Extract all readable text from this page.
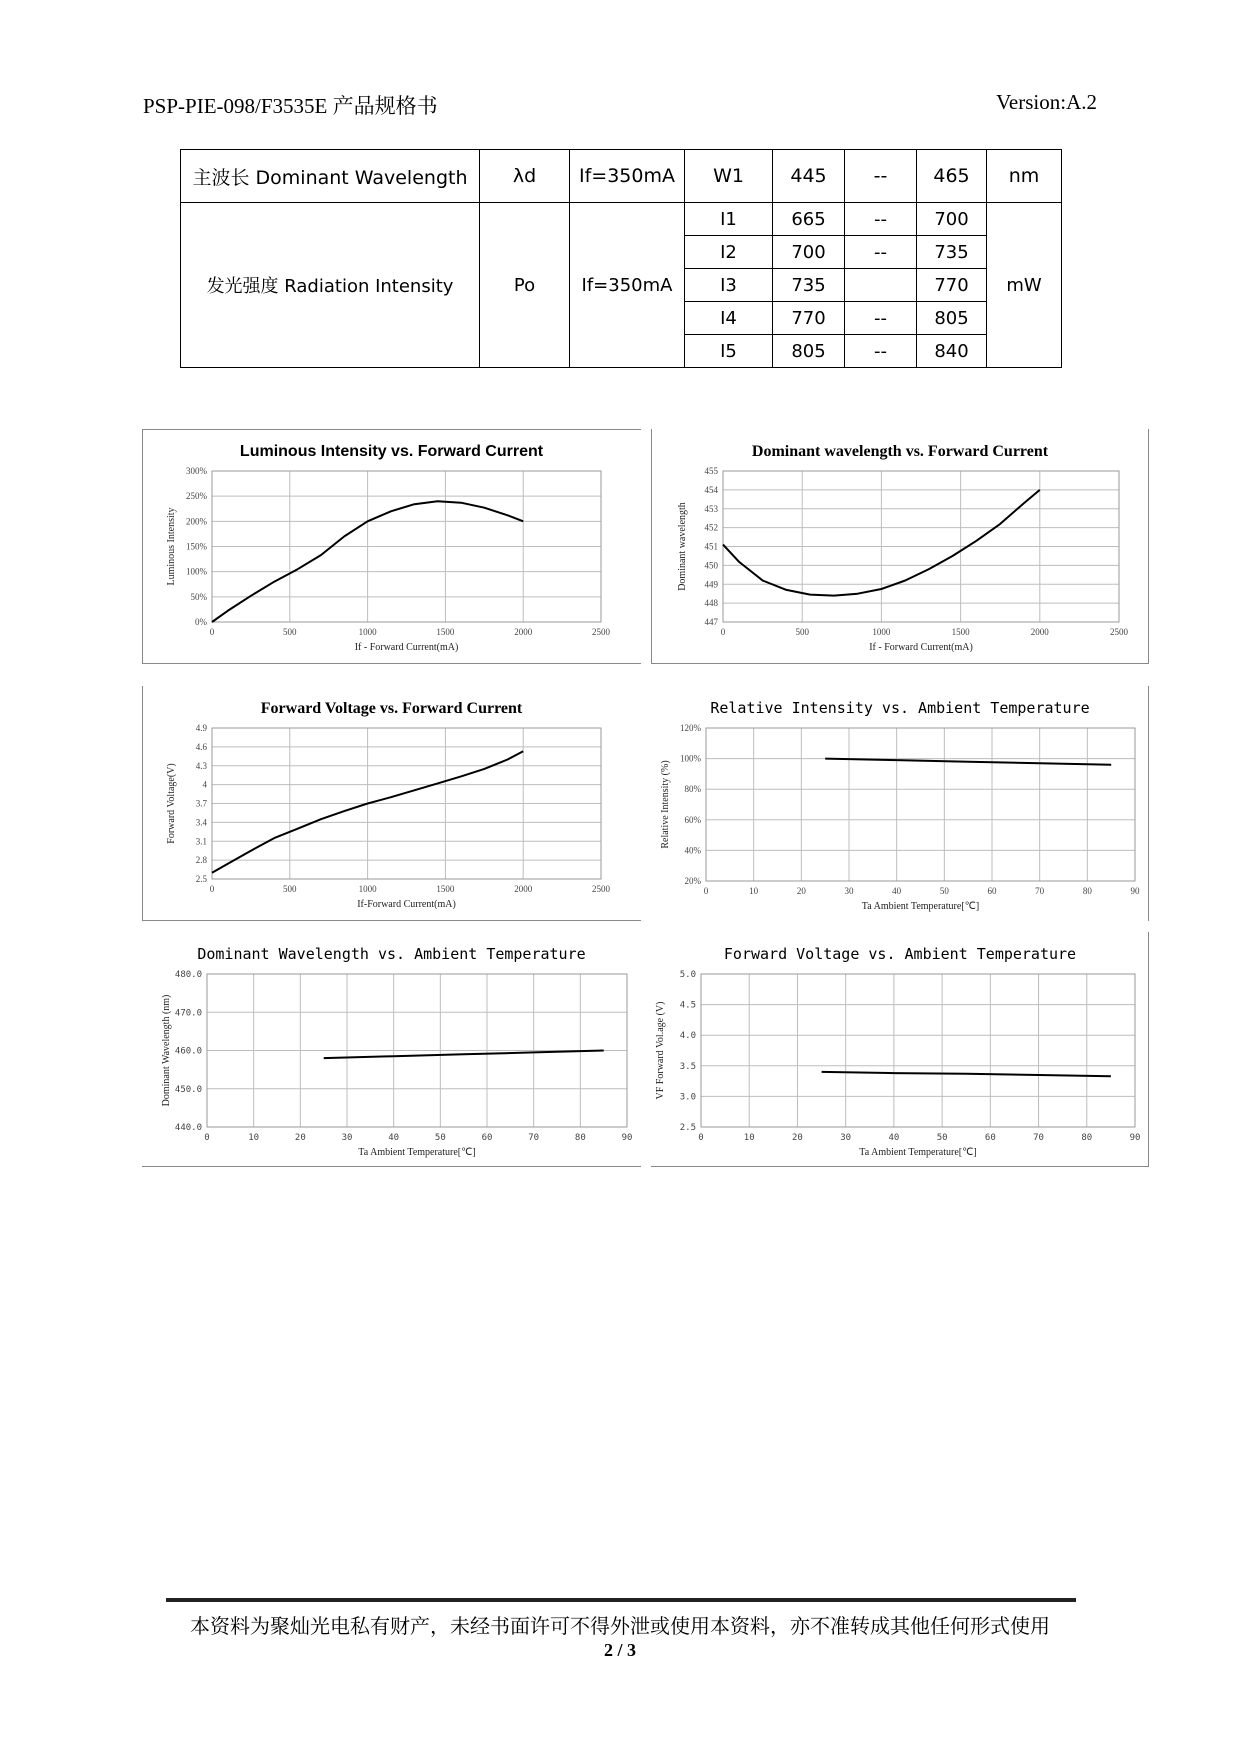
PSP-PIE-098/F3535E 产品规格书	Version:A.2
主波长 Dominant Wavelength	λd	If=350mA	W1	445	--	465	nm
发光强度 Radiation Intensity	Po	If=350mA	I1	665	--	700	mW
			I2	700	--	735	
			I3	735		770	
			I4	770	--	805	
			I5	805	--	840	
Luminous Intensity vs. Forward Current
0	500	1000	1500	2000	2500
0%
50%
100%
150%
200%
250%
300%
If - Forward Current(mA)
Luminous Intensity
Dominant wavelength vs. Forward Current
0	500	1000	1500	2000	2500
447
448
449
450
451
452
453
454
455
If - Forward Current(mA)
Dominant wavelength
Forward Voltage vs. Forward Current
0	500	1000	1500	2000	2500
2.5
2.8
3.1
3.4
3.7
4
4.3
4.6
4.9
If-Forward Current(mA)
Forward Voltage(V)
Relative Intensity vs. Ambient Temperature
0	10	20	30	40	50	60	70	80	90
20%
40%
60%
80%
100%
120%
Ta Ambient Temperature[℃]
Relative Intensity (%)
Dominant Wavelength vs. Ambient Temperature
0	10	20	30	40	50	60	70	80	90
440.0
450.0
460.0
470.0
480.0
Ta Ambient Temperature[℃]
Dominant Wavelength (nm)
Forward Voltage vs. Ambient Temperature
0	10	20	30	40	50	60	70	80	90
2.5
3.0
3.5
4.0
4.5
5.0
Ta Ambient Temperature[℃]
VF Forward Vol.age (V)
本资料为聚灿光电私有财产，未经书面许可不得外泄或使用本资料，亦不准转成其他任何形式使用
2 / 3
